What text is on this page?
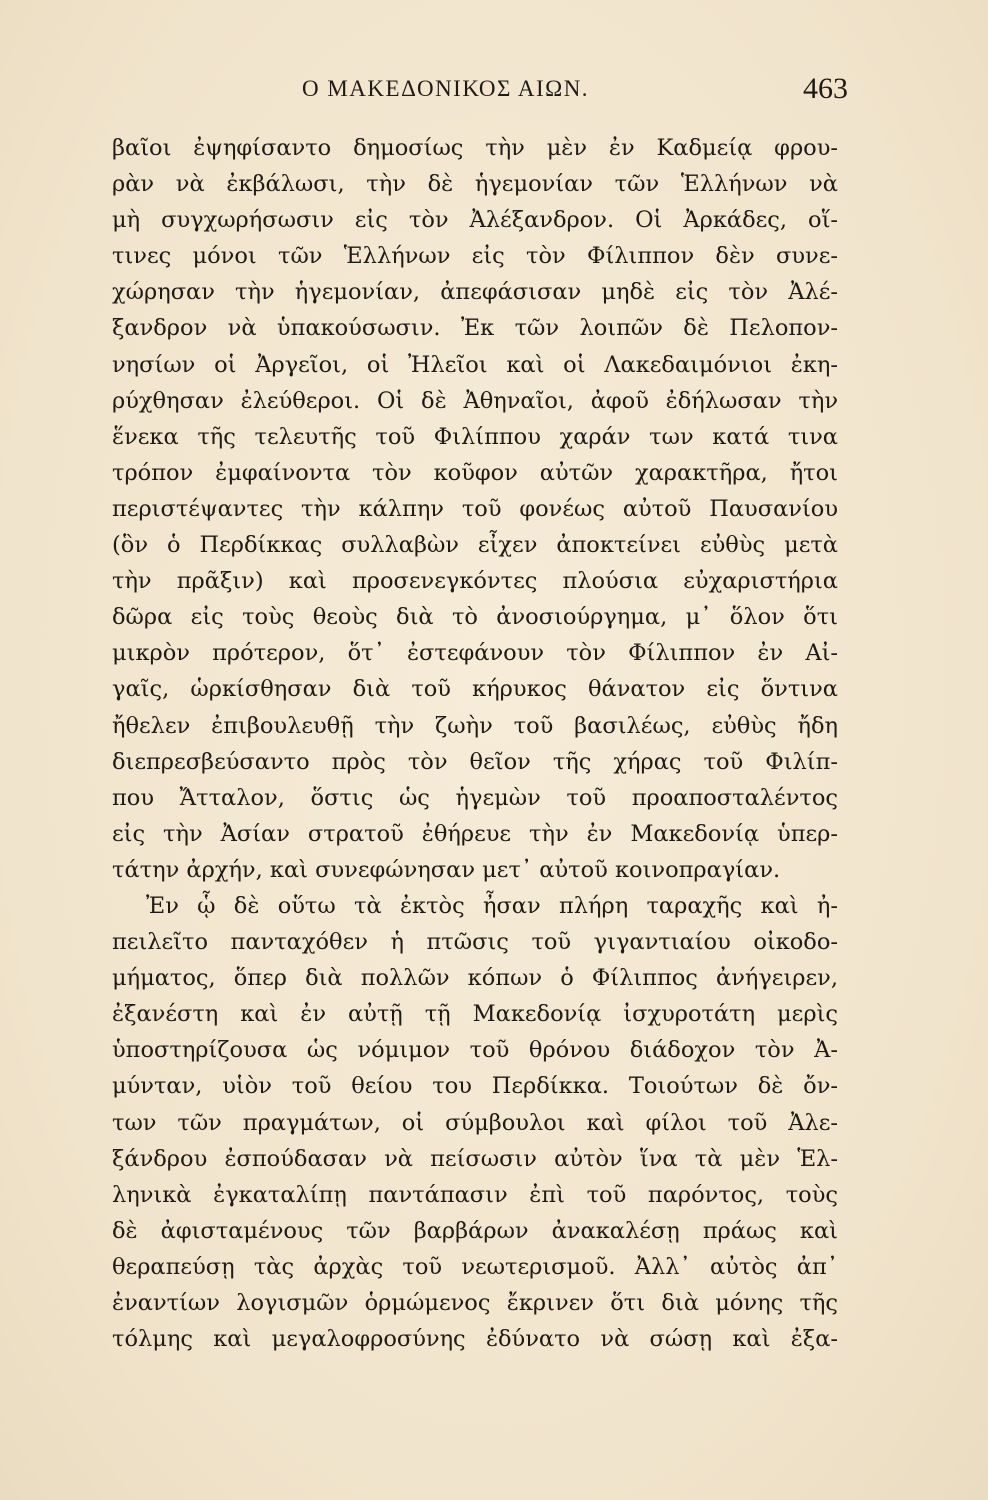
Ο ΜΑΚΕΔΟΝΙΚΟΣ ΑΙΩΝ.	463
βαῖοι ἐψηφίσαντο δημοσίως τὴν μὲν ἐν Καδμείᾳ φρου-
ρὰν νὰ ἐκβάλωσι, τὴν δὲ ἡγεμονίαν τῶν Ἑλλήνων νὰ
μὴ συγχωρήσωσιν εἰς τὸν Ἀλέξανδρον. Οἱ Ἀρκάδες, οἵ-
τινες μόνοι τῶν Ἑλλήνων εἰς τὸν Φίλιππον δὲν συνε-
χώρησαν τὴν ἡγεμονίαν, ἀπεφάσισαν μηδὲ εἰς τὸν Ἀλέ-
ξανδρον νὰ ὑπακούσωσιν. Ἐκ τῶν λοιπῶν δὲ Πελοπον-
νησίων οἱ Ἀργεῖοι, οἱ Ἠλεῖοι καὶ οἱ Λακεδαιμόνιοι ἐκη-
ρύχθησαν ἐλεύθεροι. Οἱ δὲ Ἀθηναῖοι, ἀφοῦ ἐδήλωσαν τὴν
ἕνεκα τῆς τελευτῆς τοῦ Φιλίππου χαράν των κατά τινα
τρόπον ἐμφαίνοντα τὸν κοῦφον αὐτῶν χαρακτῆρα, ἤτοι
περιστέψαντες τὴν κάλπην τοῦ φονέως αὐτοῦ Παυσανίου
(ὃν ὁ Περδίκκας συλλαβὼν εἶχεν ἀποκτείνει εὐθὺς μετὰ
τὴν πρᾶξιν) καὶ προσενεγκόντες πλούσια εὐχαριστήρια
δῶρα εἰς τοὺς θεοὺς διὰ τὸ ἀνοσιούργημα, μ᾽ ὅλον ὅτι
μικρὸν πρότερον, ὅτ᾽ ἐστεφάνουν τὸν Φίλιππον ἐν Αἰ-
γαῖς, ὡρκίσθησαν διὰ τοῦ κήρυκος θάνατον εἰς ὅντινα
ἤθελεν ἐπιβουλευθῇ τὴν ζωὴν τοῦ βασιλέως, εὐθὺς ἤδη
διεπρεσβεύσαντο πρὸς τὸν θεῖον τῆς χήρας τοῦ Φιλίπ-
που Ἄτταλον, ὅστις ὡς ἡγεμὼν τοῦ προαποσταλέντος
εἰς τὴν Ἀσίαν στρατοῦ ἐθήρευε τὴν ἐν Μακεδονίᾳ ὑπερ-
τάτην ἀρχήν, καὶ συνεφώνησαν μετ᾽ αὐτοῦ κοινοπραγίαν.
Ἐν ᾧ δὲ οὕτω τὰ ἐκτὸς ἦσαν πλήρη ταραχῆς καὶ ἠ-
πειλεῖτο πανταχόθεν ἡ πτῶσις τοῦ γιγαντιαίου οἰκοδο-
μήματος, ὅπερ διὰ πολλῶν κόπων ὁ Φίλιππος ἀνήγειρεν,
ἐξανέστη καὶ ἐν αὐτῇ τῇ Μακεδονίᾳ ἰσχυροτάτη μερὶς
ὑποστηρίζουσα ὡς νόμιμον τοῦ θρόνου διάδοχον τὸν Ἀ-
μύνταν, υἱὸν τοῦ θείου του Περδίκκα. Τοιούτων δὲ ὄν-
των τῶν πραγμάτων, οἱ σύμβουλοι καὶ φίλοι τοῦ Ἀλε-
ξάνδρου ἐσπούδασαν νὰ πείσωσιν αὐτὸν ἵνα τὰ μὲν Ἑλ-
ληνικὰ ἐγκαταλίπῃ παντάπασιν ἐπὶ τοῦ παρόντος, τοὺς
δὲ ἀφισταμένους τῶν βαρβάρων ἀνακαλέσῃ πράως καὶ
θεραπεύσῃ τὰς ἀρχὰς τοῦ νεωτερισμοῦ. Ἀλλ᾽ αὐτὸς ἀπ᾽
ἐναντίων λογισμῶν ὁρμώμενος ἔκρινεν ὅτι διὰ μόνης τῆς
τόλμης καὶ μεγαλοφροσύνης ἐδύνατο νὰ σώσῃ καὶ ἐξα-
